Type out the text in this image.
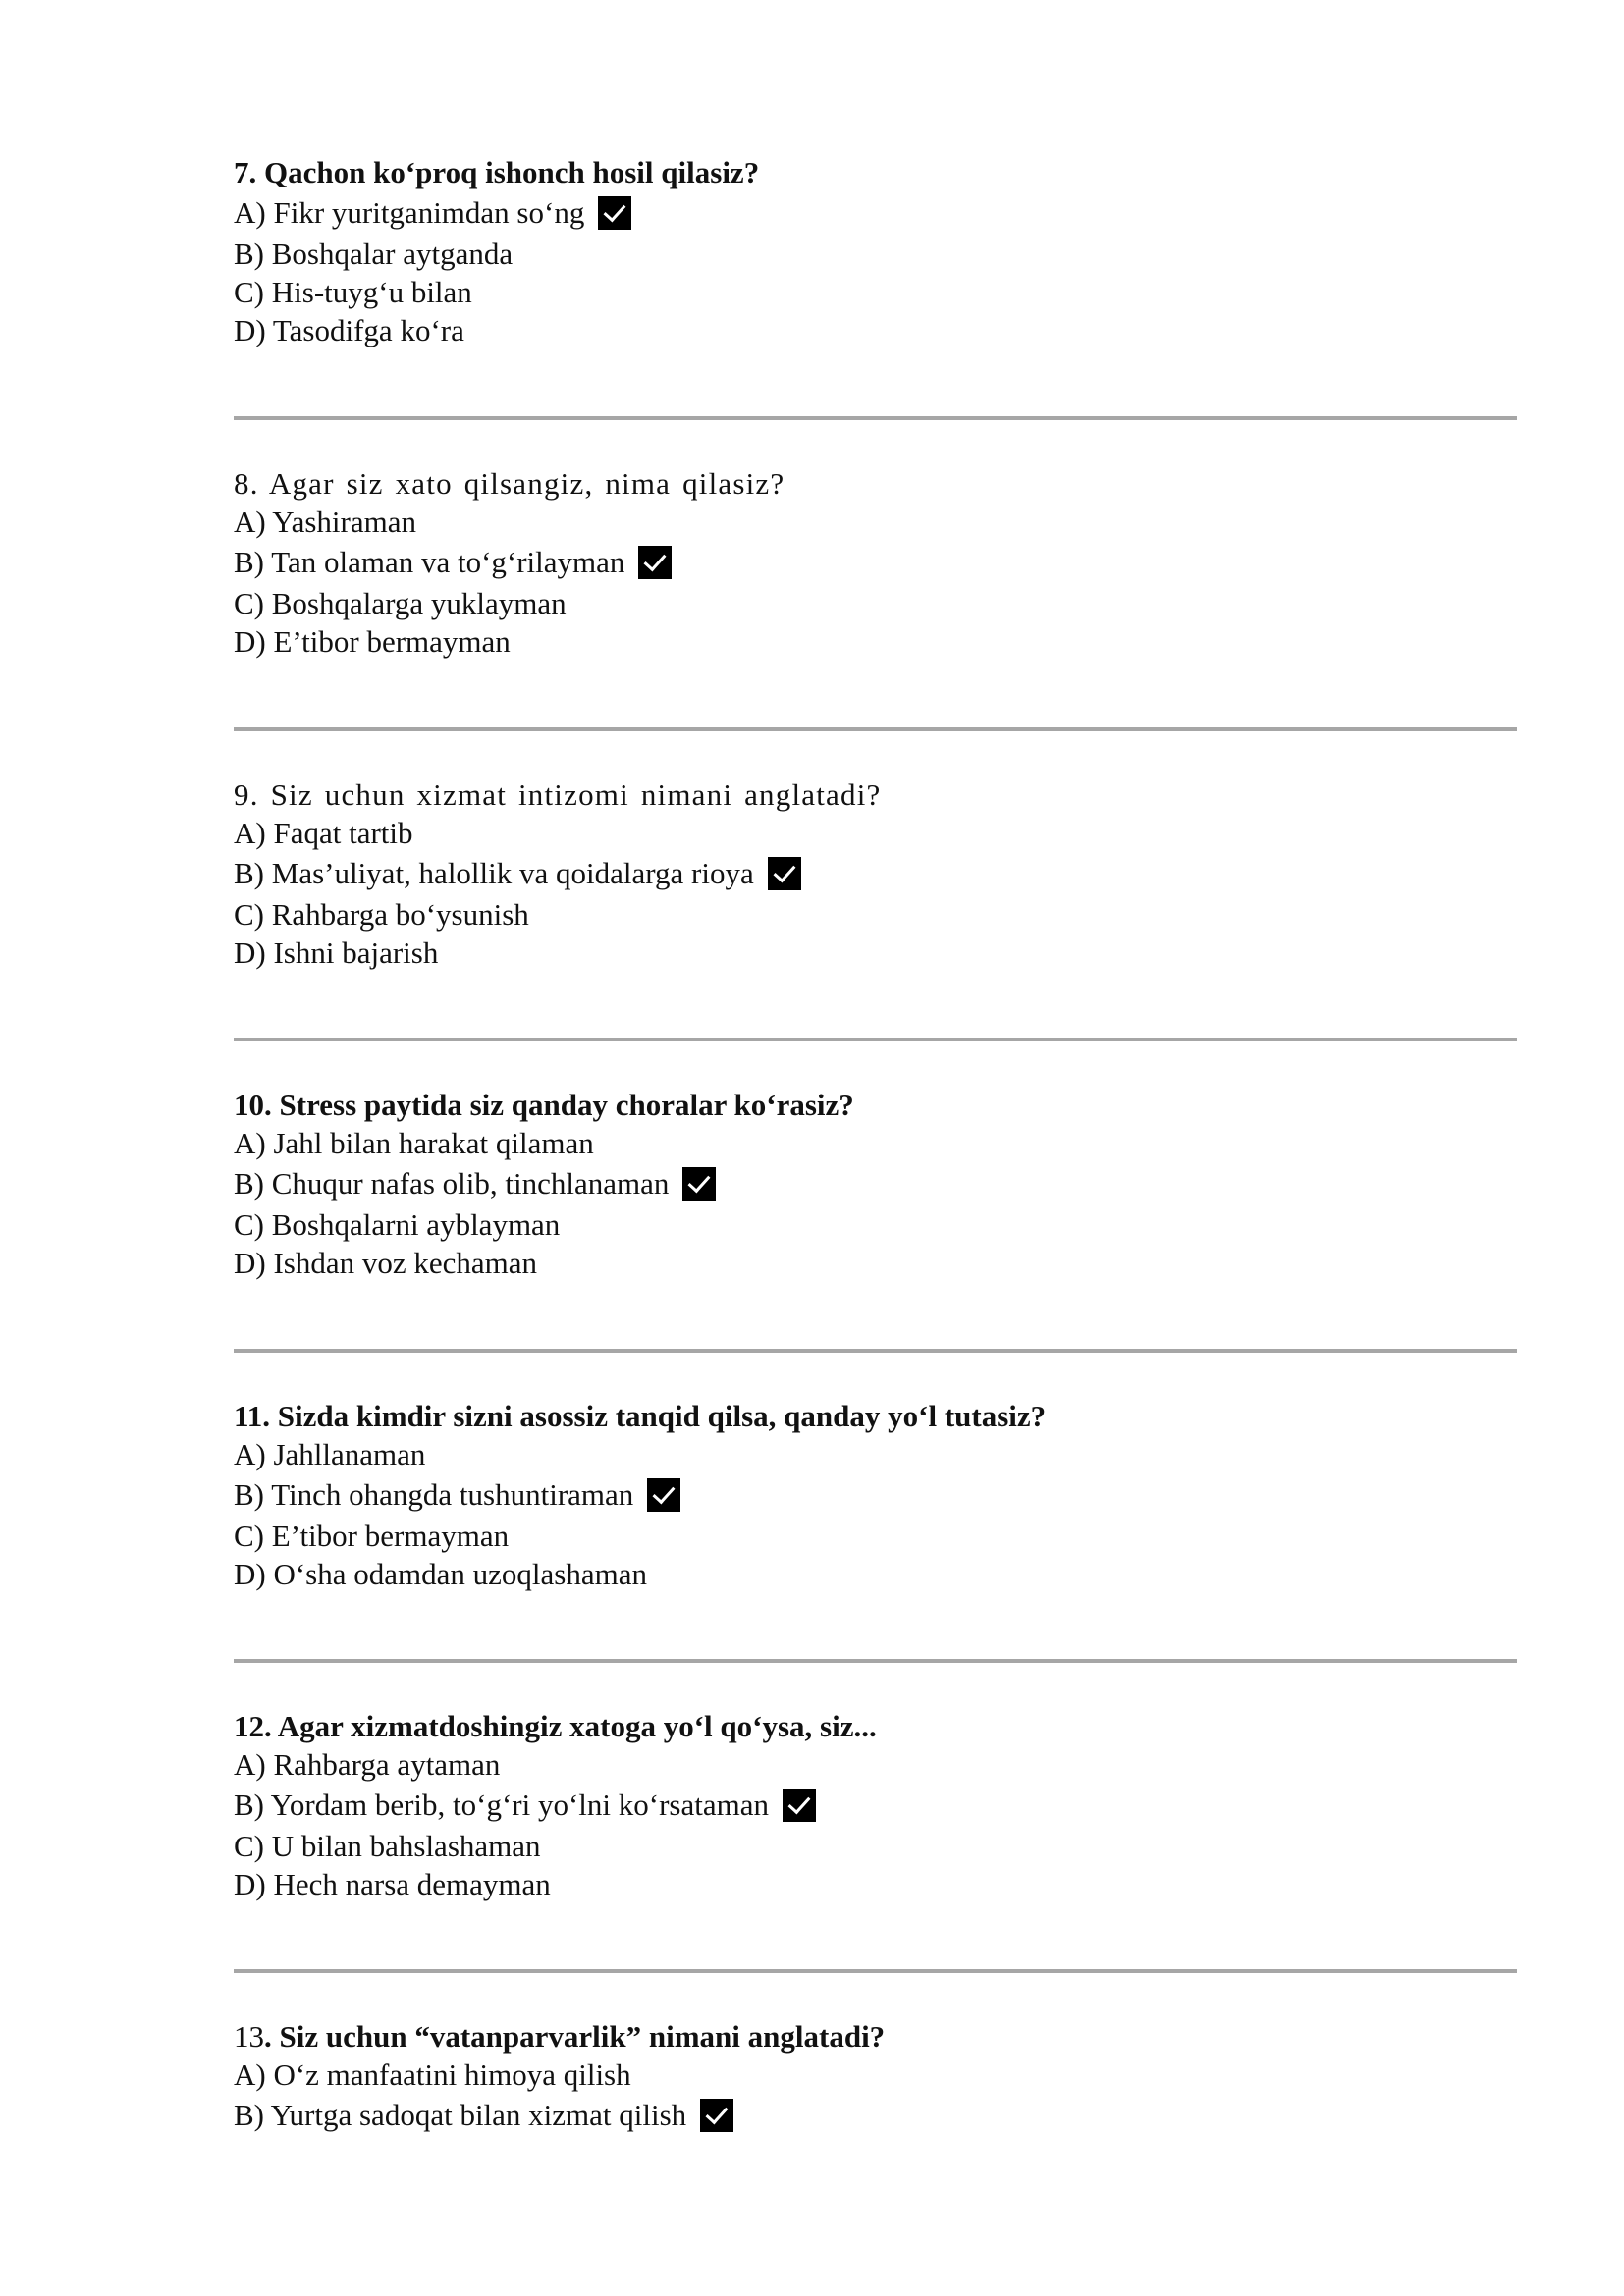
7. Qachon ko‘proq ishonch hosil qilasiz?

A) Fikr yuritganimdan so‘ng
B) Boshqalar aytganda
C) His-tuyg‘u bilan
D) Tasodifga ko‘ra

8. Agar siz xato qilsangiz, nima qilasiz?

A) Yashiraman
B) Tan olaman va to‘g‘rilayman
C) Boshqalarga yuklayman
D) E’tibor bermayman

9. Siz uchun xizmat intizomi nimani anglatadi?

A) Faqat tartib
B) Mas’uliyat, halollik va qoidalarga rioya
C) Rahbarga bo‘ysunish
D) Ishni bajarish

10. Stress paytida siz qanday choralar ko‘rasiz?

A) Jahl bilan harakat qilaman
B) Chuqur nafas olib, tinchlanaman
C) Boshqalarni ayblayman
D) Ishdan voz kechaman

11. Sizda kimdir sizni asossiz tanqid qilsa, qanday yo‘l tutasiz?

A) Jahllanaman
B) Tinch ohangda tushuntiraman
C) E’tibor bermayman
D) O‘sha odamdan uzoqlashaman

12. Agar xizmatdoshingiz xatoga yo‘l qo‘ysa, siz...

A) Rahbarga aytaman
B) Yordam berib, to‘g‘ri yo‘lni ko‘rsataman
C) U bilan bahslashaman
D) Hech narsa demayman

13. Siz uchun “vatanparvarlik” nimani anglatadi?

A) O‘z manfaatini himoya qilish
B) Yurtga sadoqat bilan xizmat qilish
